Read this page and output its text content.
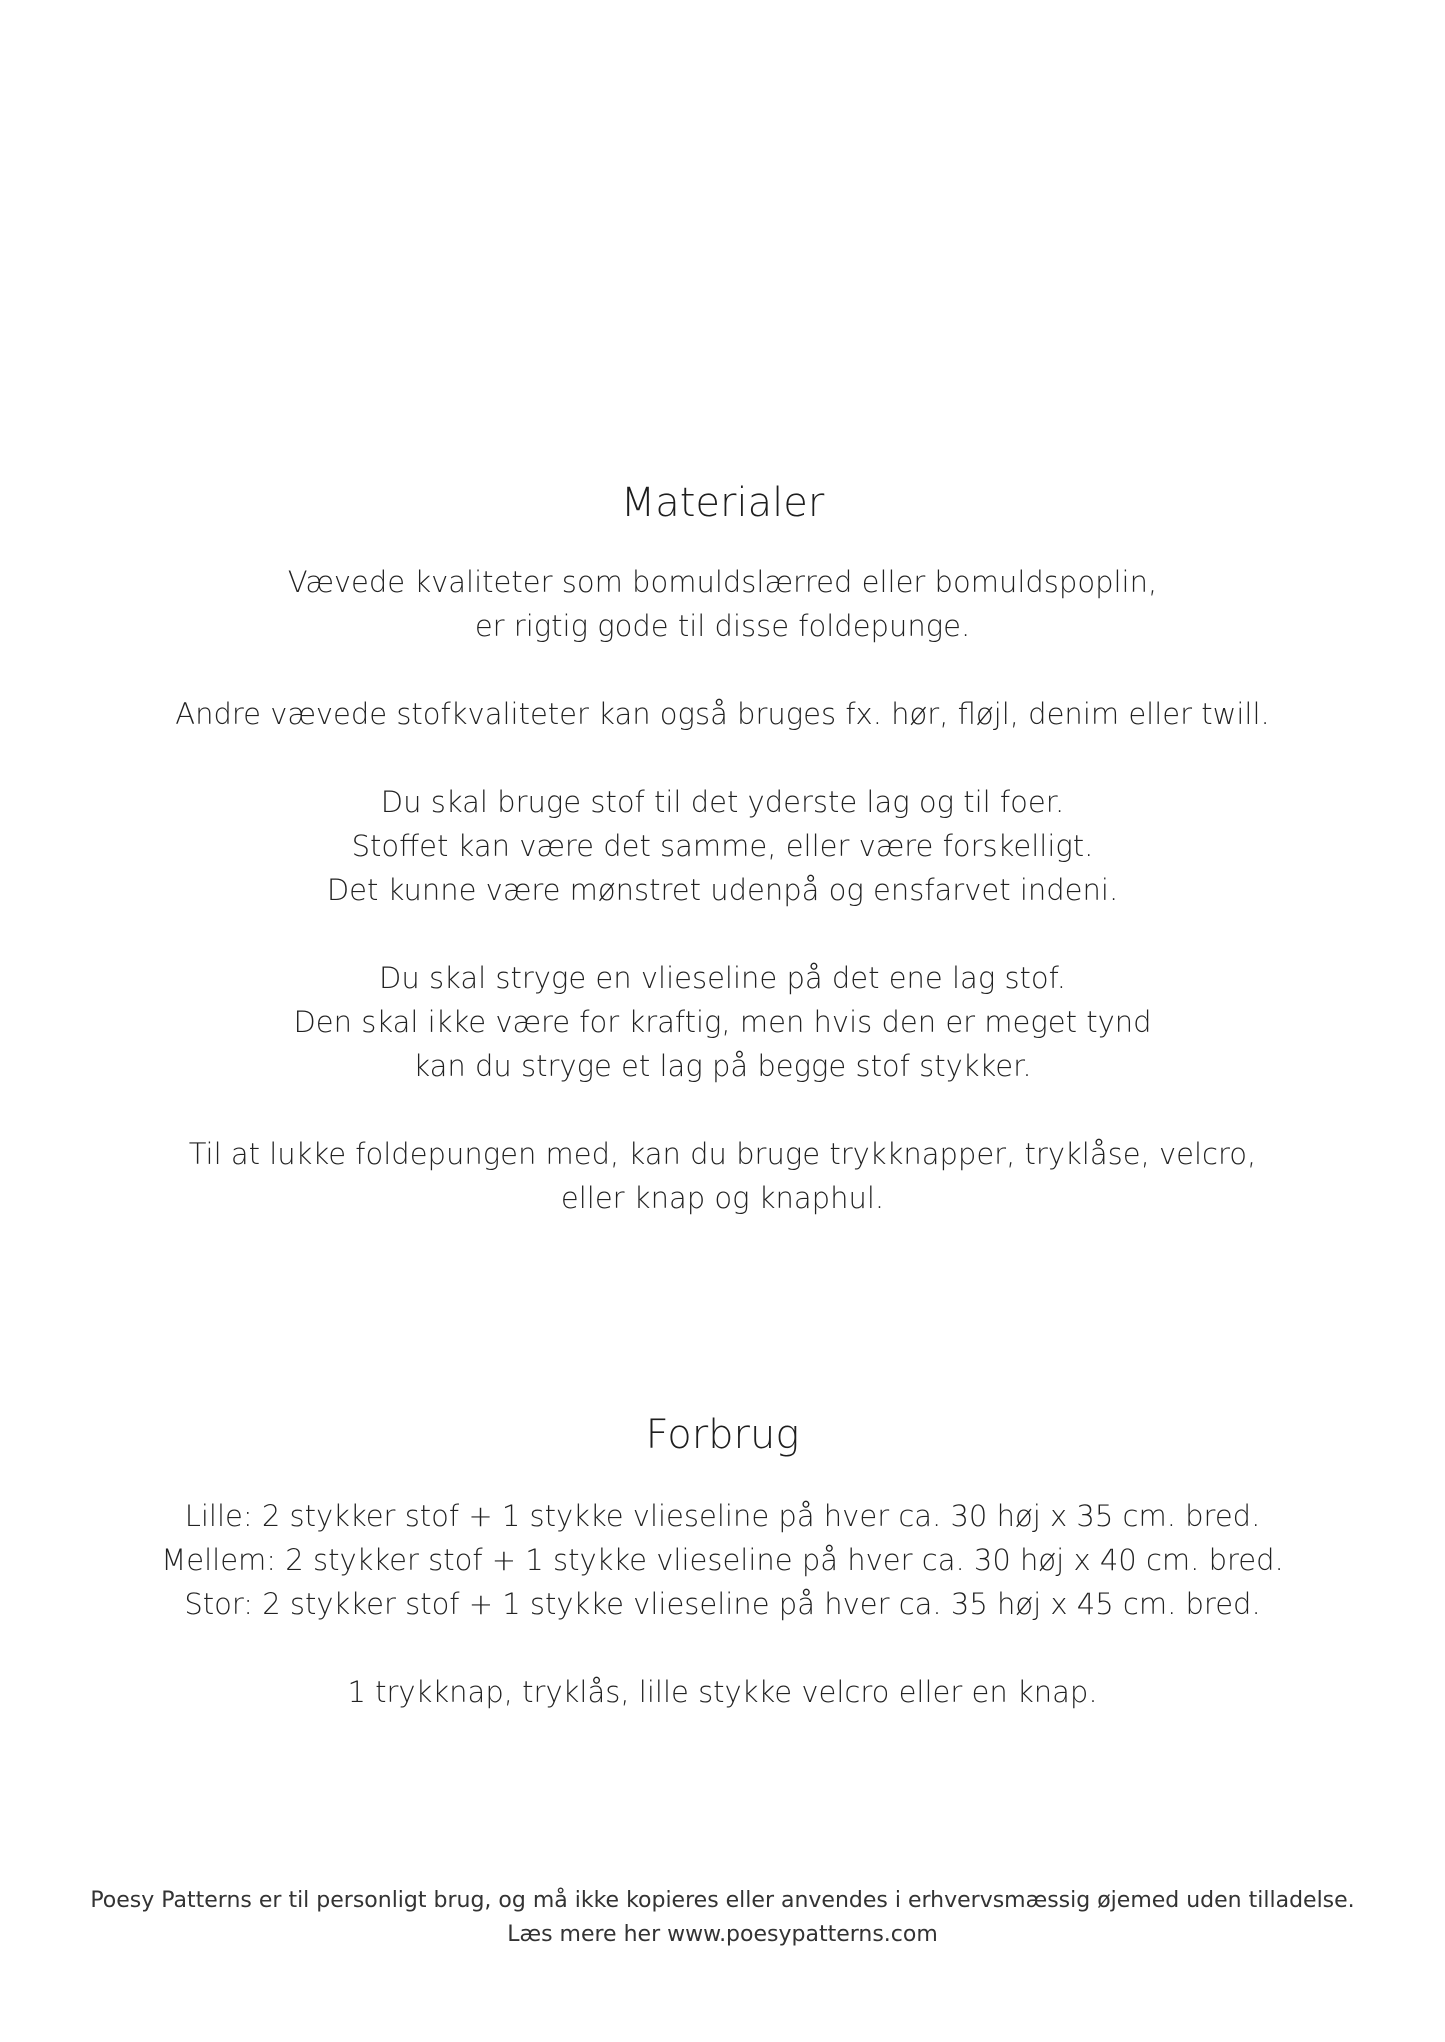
Materialer
Vævede kvaliteter som bomuldslærred eller bomuldspoplin,
er rigtig gode til disse foldepunge.
Andre vævede stofkvaliteter kan også bruges fx. hør, fløjl, denim eller twill.
Du skal bruge stof til det yderste lag og til foer.
Stoffet kan være det samme, eller være forskelligt.
Det kunne være mønstret udenpå og ensfarvet indeni.
Du skal stryge en vlieseline på det ene lag stof.
Den skal ikke være for kraftig, men hvis den er meget tynd
kan du stryge et lag på begge stof stykker.
Til at lukke foldepungen med, kan du bruge trykknapper, tryklåse, velcro,
eller knap og knaphul.
Forbrug
Lille: 2 stykker stof + 1 stykke vlieseline på hver ca. 30 høj x 35 cm. bred.
Mellem: 2 stykker stof + 1 stykke vlieseline på hver ca. 30 høj x 40 cm. bred.
Stor: 2 stykker stof + 1 stykke vlieseline på hver ca. 35 høj x 45 cm. bred.
1 trykknap, tryklås, lille stykke velcro eller en knap.
Poesy Patterns er til personligt brug, og må ikke kopieres eller anvendes i erhvervsmæssig øjemed uden tilladelse.
Læs mere her www.poesypatterns.com
